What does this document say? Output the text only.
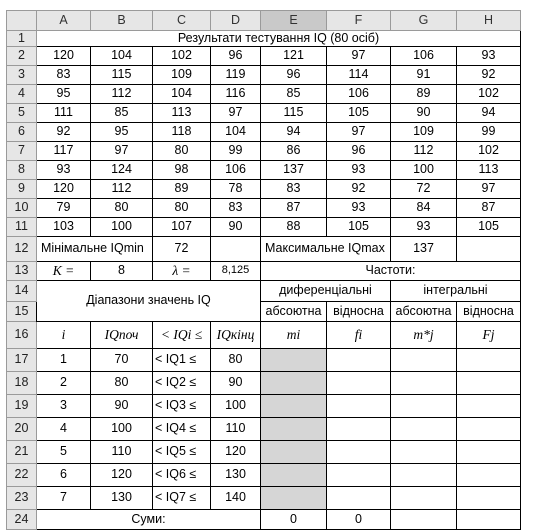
	A	B	C	D	E	F	G	H
1	Результати тестування IQ (80 осіб)							
2	120	104	102	96	121	97	106	93
3	83	115	109	119	96	114	91	92
4	95	112	104	116	85	106	89	102
5	111	85	113	97	115	105	90	94
6	92	95	118	104	94	97	109	99
7	117	97	80	99	86	96	112	102
8	93	124	98	106	137	93	100	113
9	120	112	89	78	83	92	72	97
10	79	80	80	83	87	93	84	87
11	103	100	107	90	88	105	93	105
12	Мінімальне IQmin		72		Максимальне IQmax		137	
13	K =	8	λ =	8,125	Частоти:			
14	Діапазони значень IQ				диференціальні		інтегральні	
15					абсоютна	відносна	абсоютна	відносна
16	i	IQпоч	< IQi ≤	IQкінц	mi	fi	m*j	Fj
17	1	70	< IQ1 ≤	80				
18	2	80	< IQ2 ≤	90				
19	3	90	< IQ3 ≤	100				
20	4	100	< IQ4 ≤	110				
21	5	110	< IQ5 ≤	120				
22	6	120	< IQ6 ≤	130				
23	7	130	< IQ7 ≤	140				
24	Суми:				0	0		
